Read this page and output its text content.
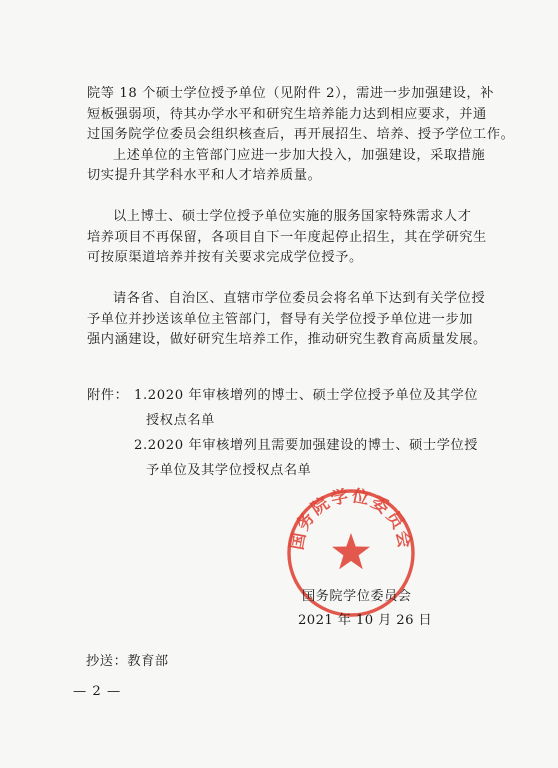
院等 18 个硕士学位授予单位（见附件 2），需进一步加强建设，补
短板强弱项，待其办学水平和研究生培养能力达到相应要求，并通
过国务院学位委员会组织核查后，再开展招生、培养、授予学位工作。
上述单位的主管部门应进一步加大投入，加强建设，采取措施
切实提升其学科水平和人才培养质量。
以上博士、硕士学位授予单位实施的服务国家特殊需求人才
培养项目不再保留，各项目自下一年度起停止招生，其在学研究生
可按原渠道培养并按有关要求完成学位授予。
请各省、自治区、直辖市学位委员会将名单下达到有关学位授
予单位并抄送该单位主管部门，督导有关学位授予单位进一步加
强内涵建设，做好研究生培养工作，推动研究生教育高质量发展。
附件： 1.2020 年审核增列的博士、硕士学位授予单位及其学位
授权点名单
2.2020 年审核增列且需要加强建设的博士、硕士学位授
予单位及其学位授权点名单
国务院学位委员会
国务院学位委员会
2021 年 10 月 26 日
抄送：教育部
— 2 —
